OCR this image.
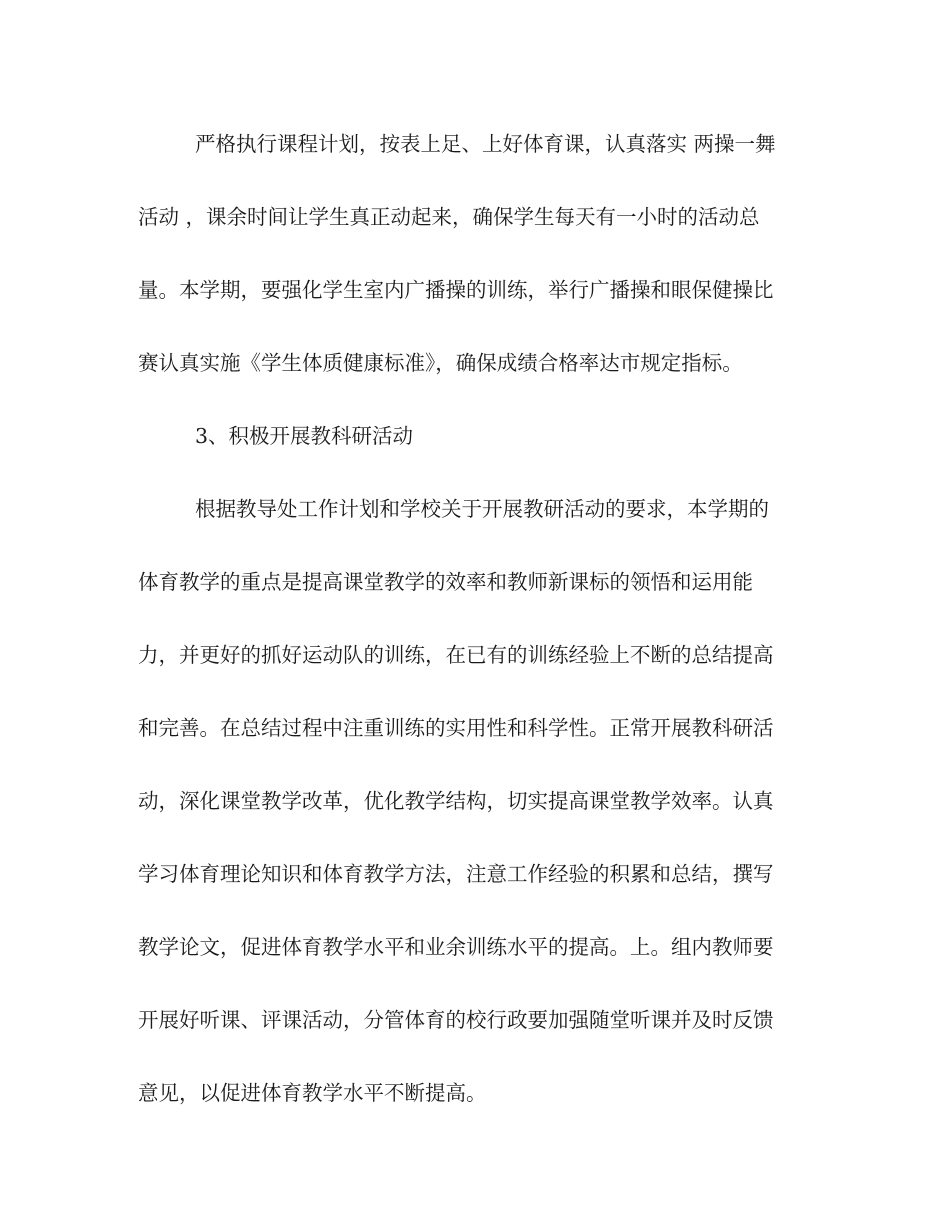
严格执行课程计划，按表上足、上好体育课，认真落实 两操一舞
活动 ，课余时间让学生真正动起来，确保学生每天有一小时的活动总
量。本学期，要强化学生室内广播操的训练，举行广播操和眼保健操比
赛认真实施《学生体质健康标准》，确保成绩合格率达市规定指标。
3、积极开展教科研活动
根据教导处工作计划和学校关于开展教研活动的要求，本学期的
体育教学的重点是提高课堂教学的效率和教师新课标的领悟和运用能
力，并更好的抓好运动队的训练，在已有的训练经验上不断的总结提高
和完善。在总结过程中注重训练的实用性和科学性。正常开展教科研活
动，深化课堂教学改革，优化教学结构，切实提高课堂教学效率。认真
学习体育理论知识和体育教学方法，注意工作经验的积累和总结，撰写
教学论文，促进体育教学水平和业余训练水平的提高。上。组内教师要
开展好听课、评课活动，分管体育的校行政要加强随堂听课并及时反馈
意见，以促进体育教学水平不断提高。
